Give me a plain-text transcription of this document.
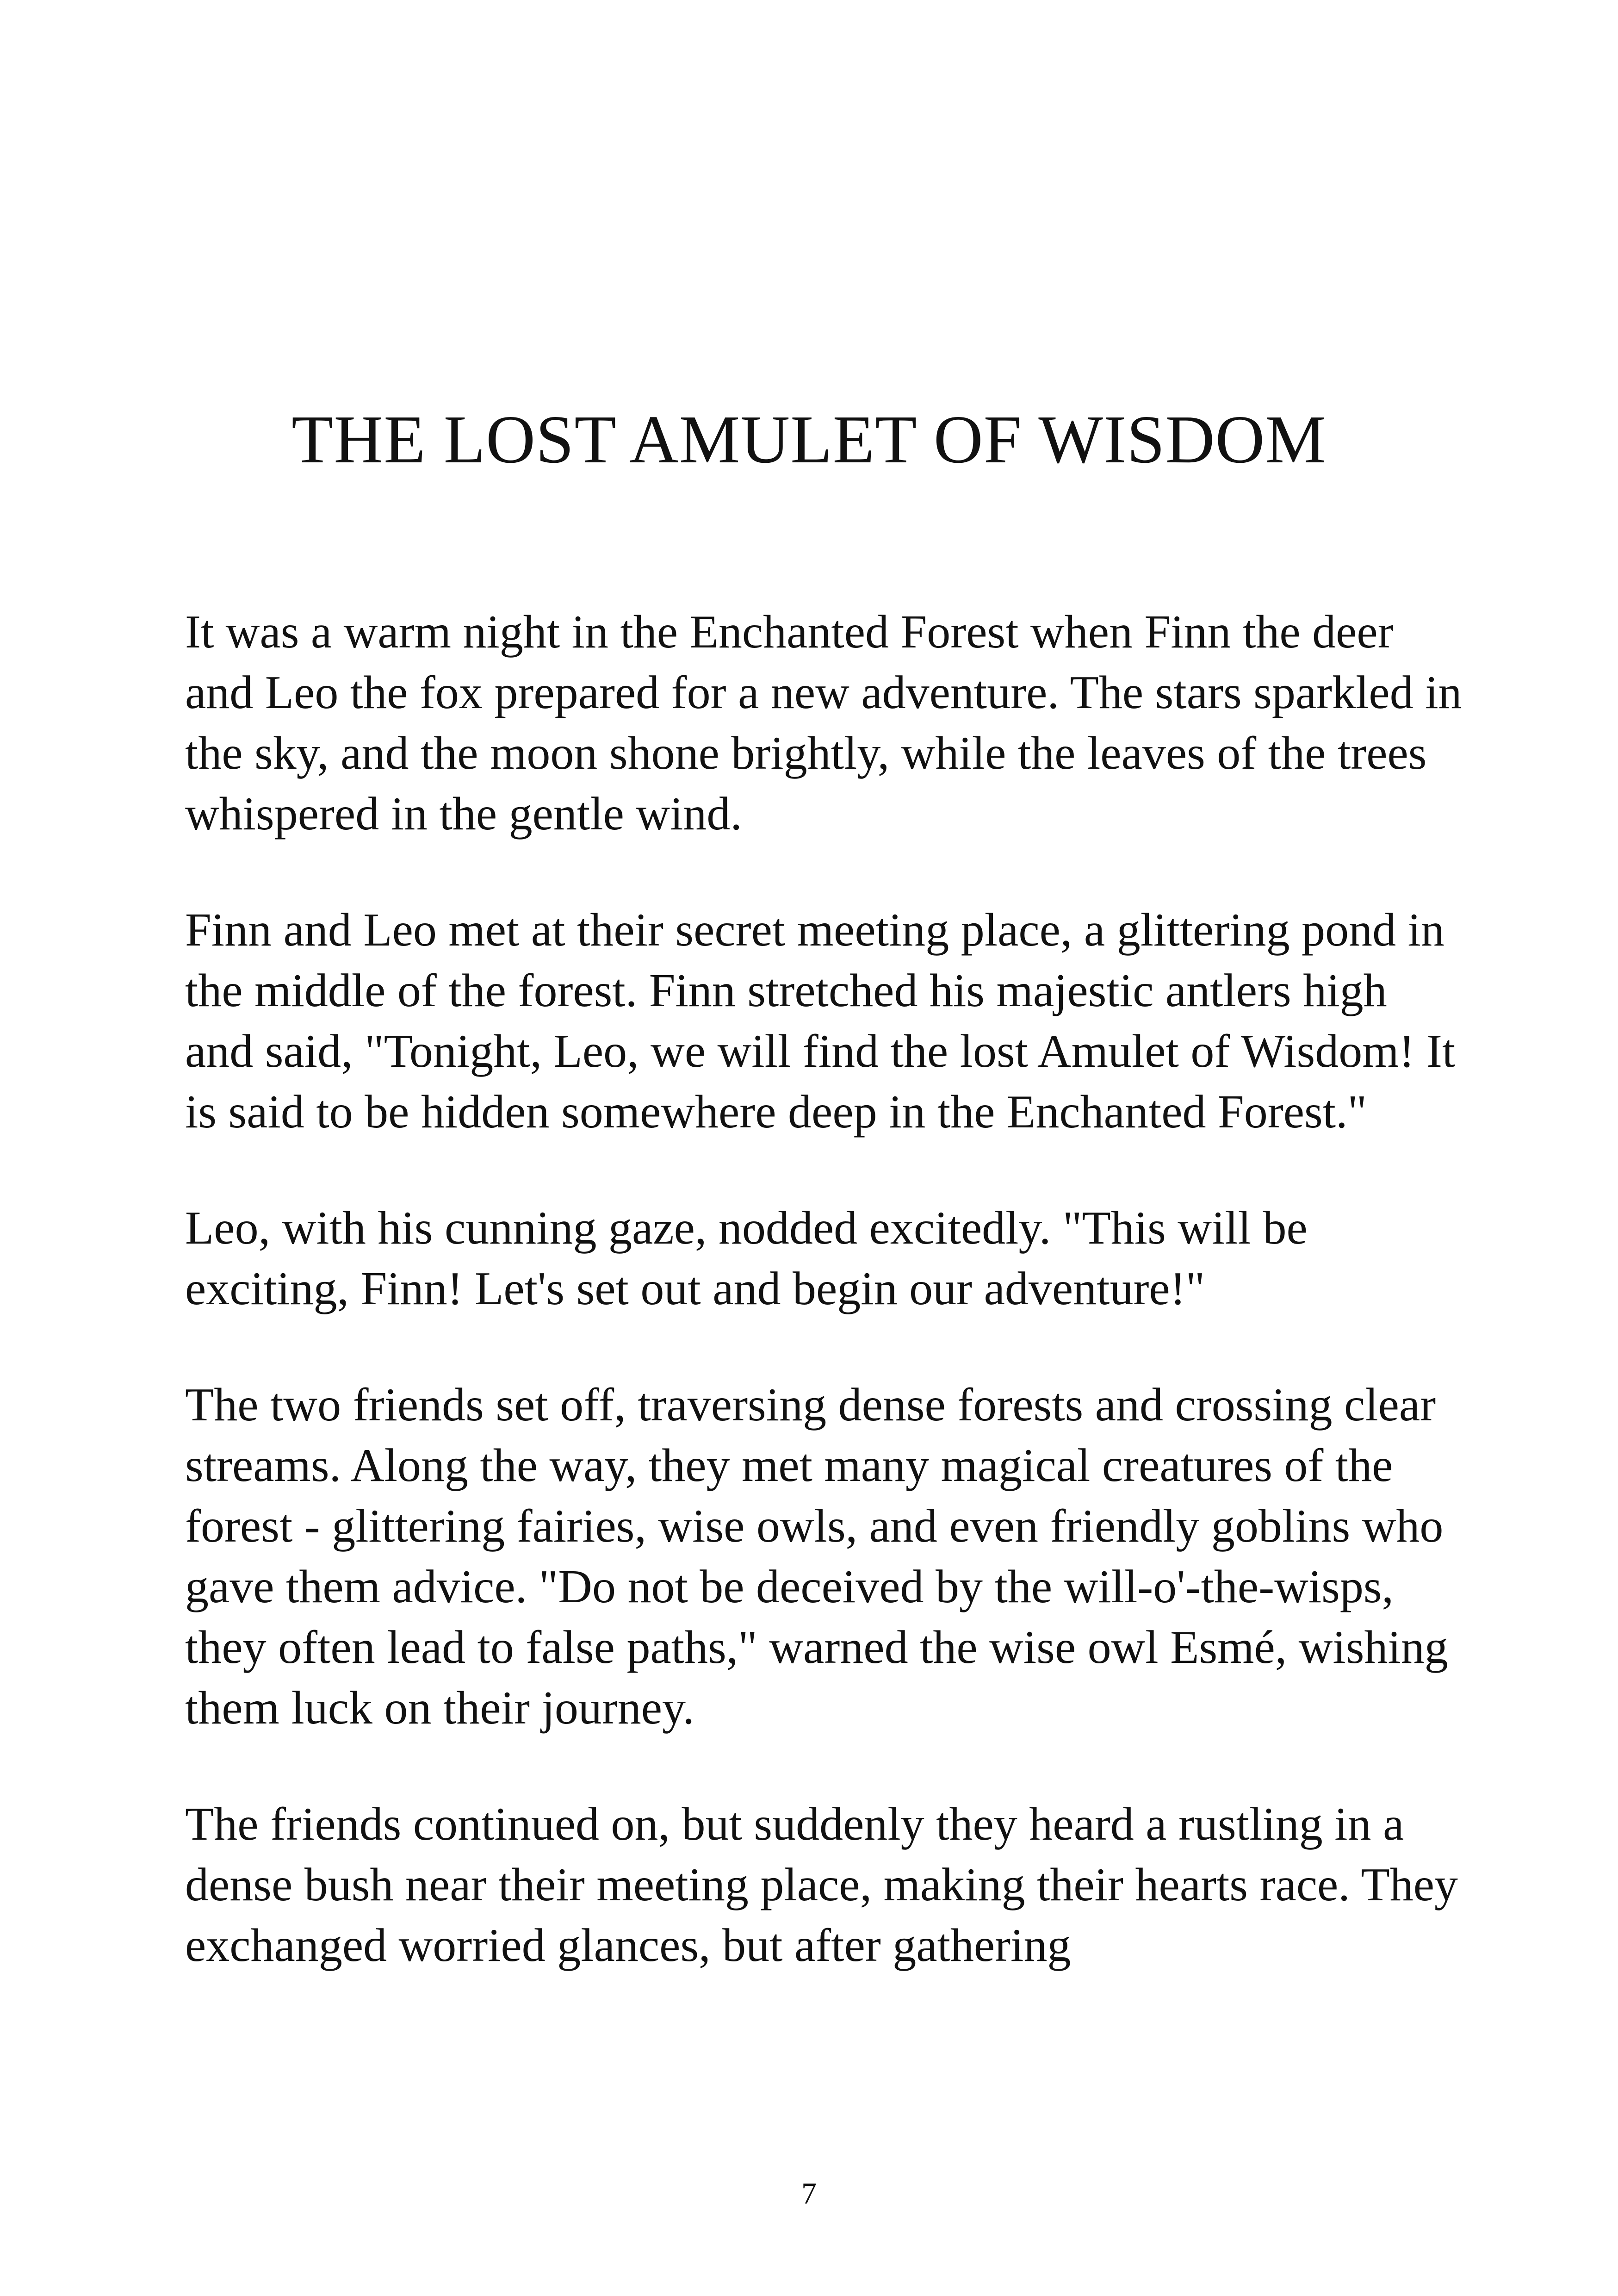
THE LOST AMULET OF WISDOM

It was a warm night in the Enchanted Forest when Finn the deer and Leo the fox prepared for a new adventure. The stars sparkled in the sky, and the moon shone brightly, while the leaves of the trees whispered in the gentle wind.

Finn and Leo met at their secret meeting place, a glittering pond in the middle of the forest. Finn stretched his majestic antlers high and said, "Tonight, Leo, we will find the lost Amulet of Wisdom! It is said to be hidden somewhere deep in the Enchanted Forest."

Leo, with his cunning gaze, nodded excitedly. "This will be exciting, Finn! Let's set out and begin our adventure!"

The two friends set off, traversing dense forests and crossing clear streams. Along the way, they met many magical creatures of the forest - glittering fairies, wise owls, and even friendly goblins who gave them advice. "Do not be deceived by the will-o'-the-wisps, they often lead to false paths," warned the wise owl Esmé, wishing them luck on their journey.

The friends continued on, but suddenly they heard a rustling in a dense bush near their meeting place, making their hearts race. They exchanged worried glances, but after gathering

7
